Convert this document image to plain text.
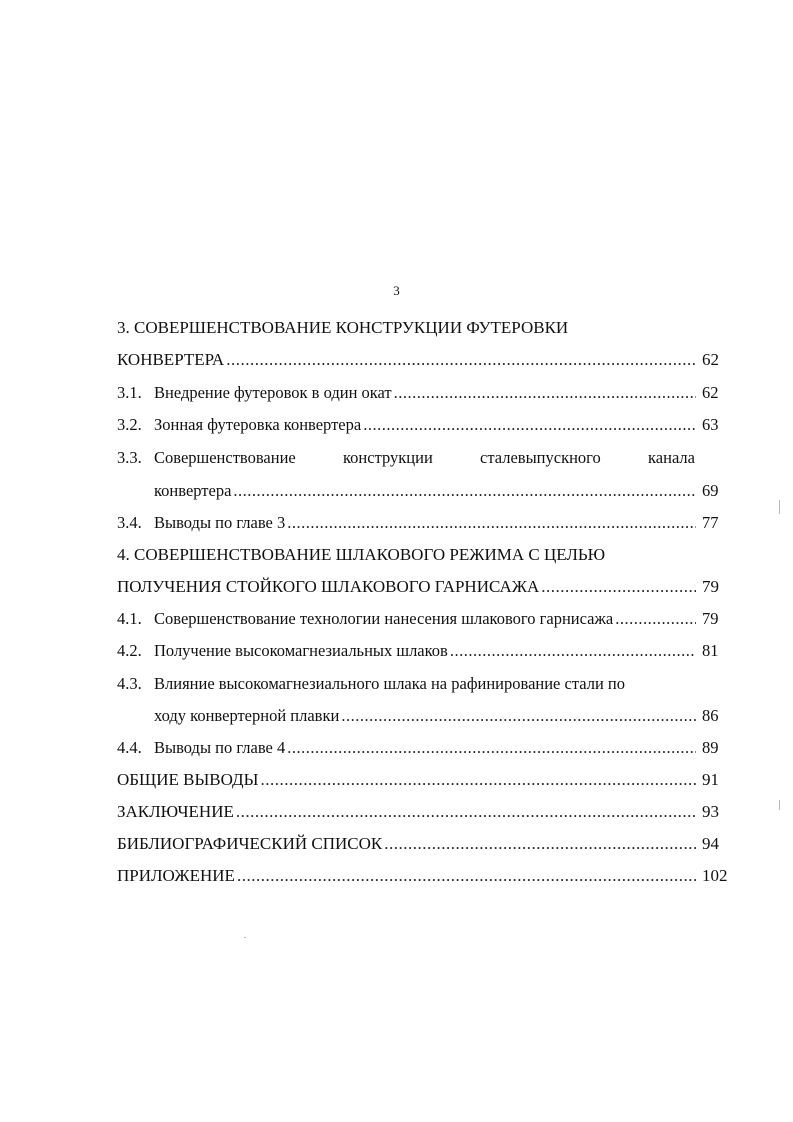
3
3. СОВЕРШЕНСТВОВАНИЕ КОНСТРУКЦИИ ФУТЕРОВКИ
КОНВЕРТЕРА .....	62
3.1. Внедрение футеровок в один окат .....	62
3.2. Зонная футеровка конвертера .....	63
3.3. Совершенствование	конструкции	сталевыпускного	канала
конвертера .....	69
3.4. Выводы по главе 3 .....	77
4. СОВЕРШЕНСТВОВАНИЕ ШЛАКОВОГО РЕЖИМА С ЦЕЛЬЮ
ПОЛУЧЕНИЯ СТОЙКОГО ШЛАКОВОГО ГАРНИСАЖА .....	79
4.1. Совершенствование технологии нанесения шлакового гарнисажа .....	79
4.2. Получение высокомагнезиальных шлаков .....	81
4.3. Влияние высокомагнезиального шлака на рафинирование стали по
ходу конвертерной плавки .....	86
4.4. Выводы по главе 4 .....	89
ОБЩИЕ ВЫВОДЫ .....	91
ЗАКЛЮЧЕНИЕ .....	93
БИБЛИОГРАФИЧЕСКИЙ СПИСОК .....	94
ПРИЛОЖЕНИЕ .....	102
